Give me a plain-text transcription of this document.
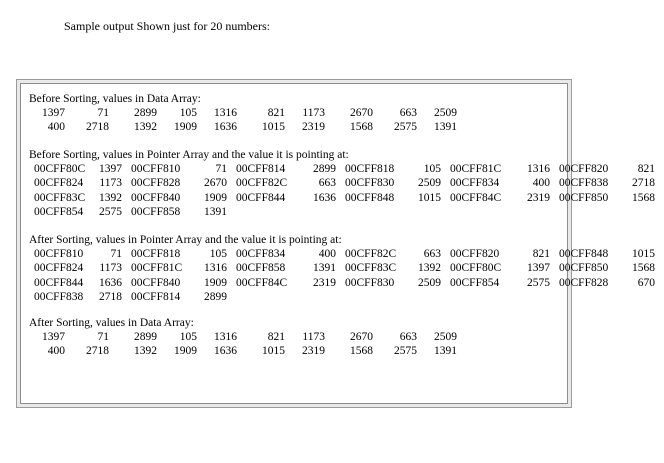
Sample output Shown just for 20 numbers:
Before Sorting, values in Data Array:
1397	71	2899	105	1316	821	1173	2670	663	2509
400	2718	1392	1909	1636	1015	2319	1568	2575	1391
Before Sorting, values in Pointer Array and the value it is pointing at:
00CFF80C	1397 00CFF810	71 00CFF814	2899 00CFF818	105 00CFF81C	1316 00CFF820	821
00CFF824	1173 00CFF828	2670 00CFF82C	663 00CFF830	2509 00CFF834	400 00CFF838	2718
00CFF83C	1392 00CFF840	1909 00CFF844	1636 00CFF848	1015 00CFF84C	2319 00CFF850	1568
00CFF854	2575 00CFF858	1391
After Sorting, values in Pointer Array and the value it is pointing at:
00CFF810	71 00CFF818	105 00CFF834	400 00CFF82C	663 00CFF820	821 00CFF848	1015
00CFF824	1173 00CFF81C	1316 00CFF858	1391 00CFF83C	1392 00CFF80C	1397 00CFF850	1568
00CFF844	1636 00CFF840	1909 00CFF84C	2319 00CFF830	2509 00CFF854	2575 00CFF828	670
00CFF838	2718 00CFF814	2899
After Sorting, values in Data Array:
1397	71	2899	105	1316	821	1173	2670	663	2509
400	2718	1392	1909	1636	1015	2319	1568	2575	1391
